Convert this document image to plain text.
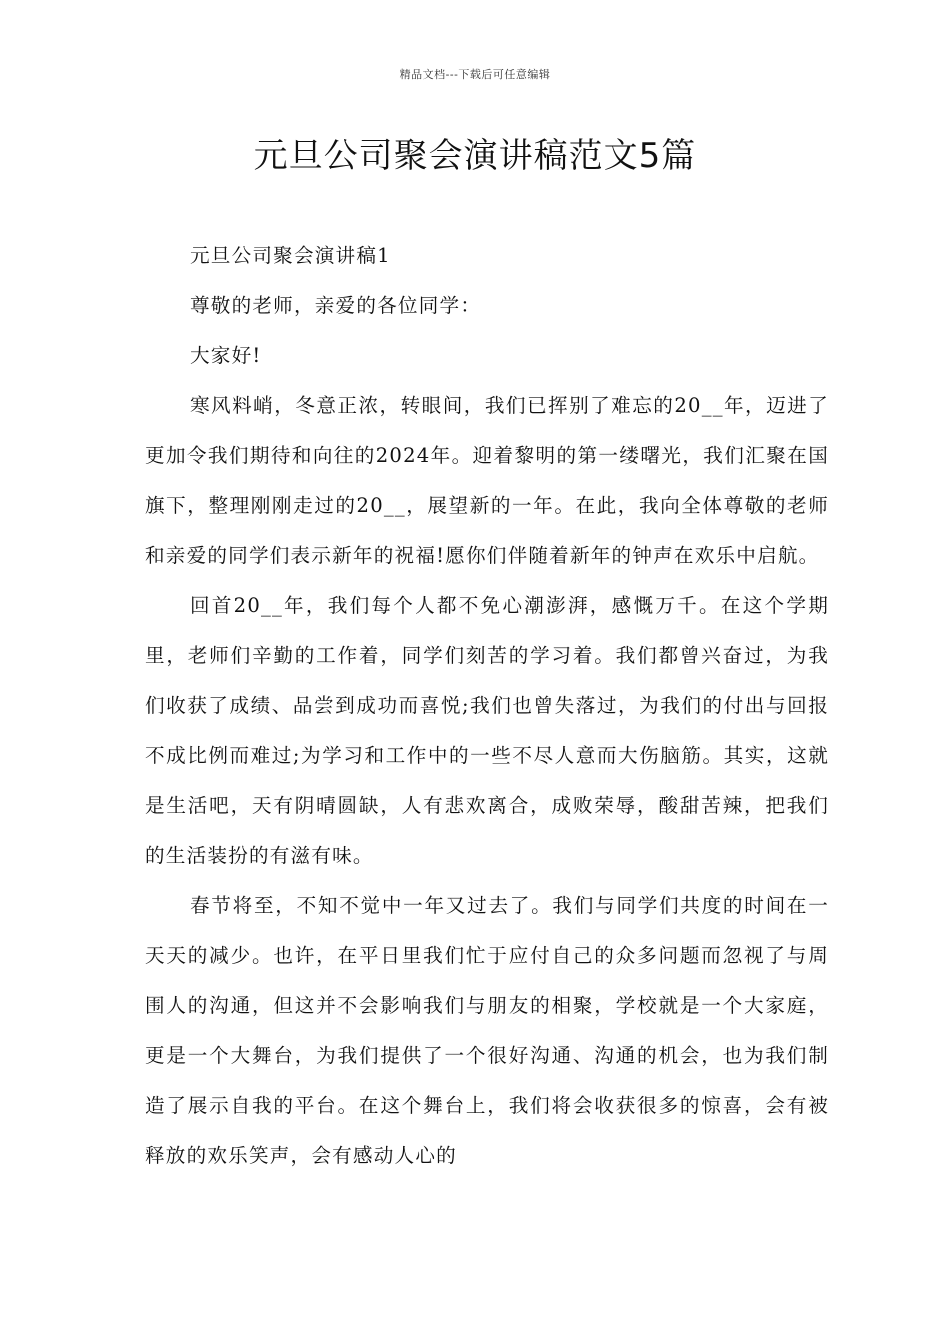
精品文档---下载后可任意编辑
元旦公司聚会演讲稿范文5篇

元旦公司聚会演讲稿1

尊敬的老师，亲爱的各位同学：

大家好!

寒风料峭，冬意正浓，转眼间，我们已挥别了难忘的20__年，迈进了更加令我们期待和向往的2024年。迎着黎明的第一缕曙光，我们汇聚在国旗下，整理刚刚走过的20__，展望新的一年。在此，我向全体尊敬的老师和亲爱的同学们表示新年的祝福!愿你们伴随着新年的钟声在欢乐中启航。

回首20__年，我们每个人都不免心潮澎湃，感慨万千。在这个学期里，老师们辛勤的工作着，同学们刻苦的学习着。我们都曾兴奋过，为我们收获了成绩、品尝到成功而喜悦;我们也曾失落过，为我们的付出与回报不成比例而难过;为学习和工作中的一些不尽人意而大伤脑筋。其实，这就是生活吧，天有阴晴圆缺，人有悲欢离合，成败荣辱，酸甜苦辣，把我们的生活装扮的有滋有味。

春节将至，不知不觉中一年又过去了。我们与同学们共度的时间在一天天的减少。也许，在平日里我们忙于应付自己的众多问题而忽视了与周围人的沟通，但这并不会影响我们与朋友的相聚，学校就是一个大家庭，更是一个大舞台，为我们提供了一个很好沟通、沟通的机会，也为我们制造了展示自我的平台。在这个舞台上，我们将会收获很多的惊喜，会有被释放的欢乐笑声，会有感动人心的
